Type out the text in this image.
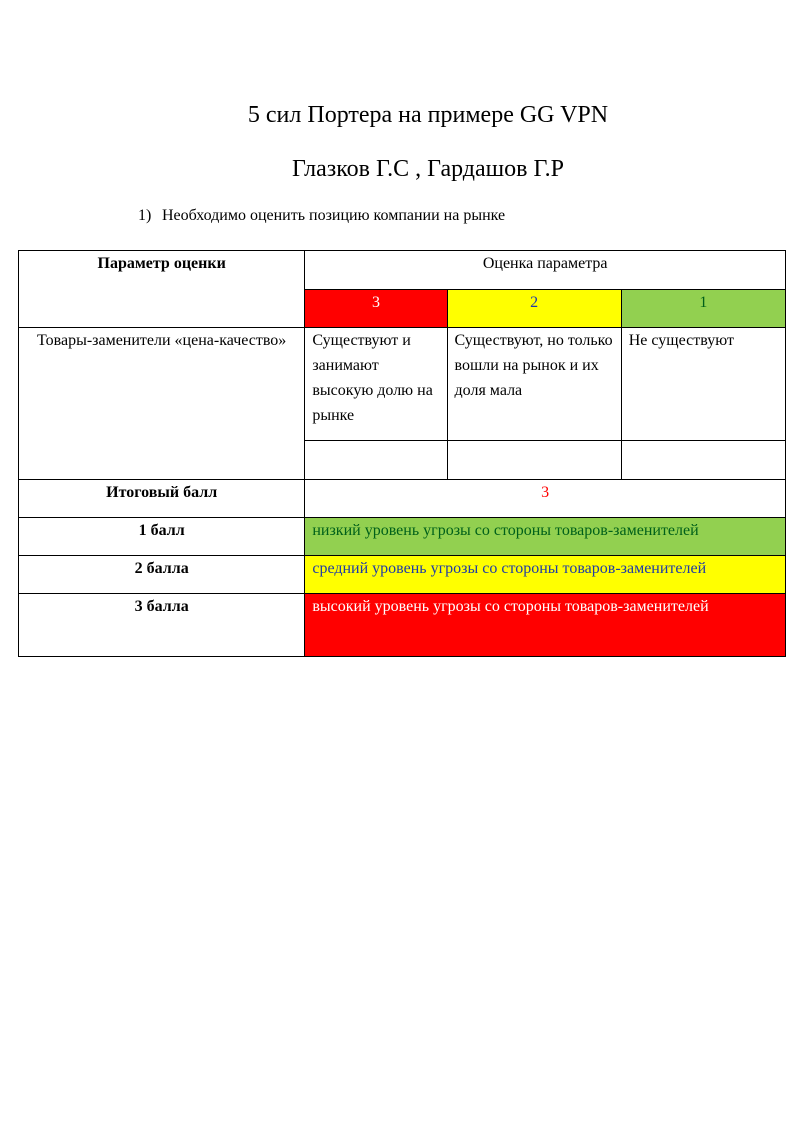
5 сил Портера на примере GG VPN
Глазков Г.С , Гардашов Г.Р
1) Необходимо оценить позицию компании на рынке
Параметр оценки	Оценка параметра		
	3	2	1
Товары-заменители «цена-качество»	Существуют и занимают высокую долю на рынке	Существуют, но только вошли на рынок и их доля мала	Не существуют

Итоговый балл	3		
1 балл	низкий уровень угрозы со стороны товаров-заменителей		
2 балла	средний уровень угрозы со стороны товаров-заменителей		
3 балла	высокий уровень угрозы со стороны товаров-заменителей		
